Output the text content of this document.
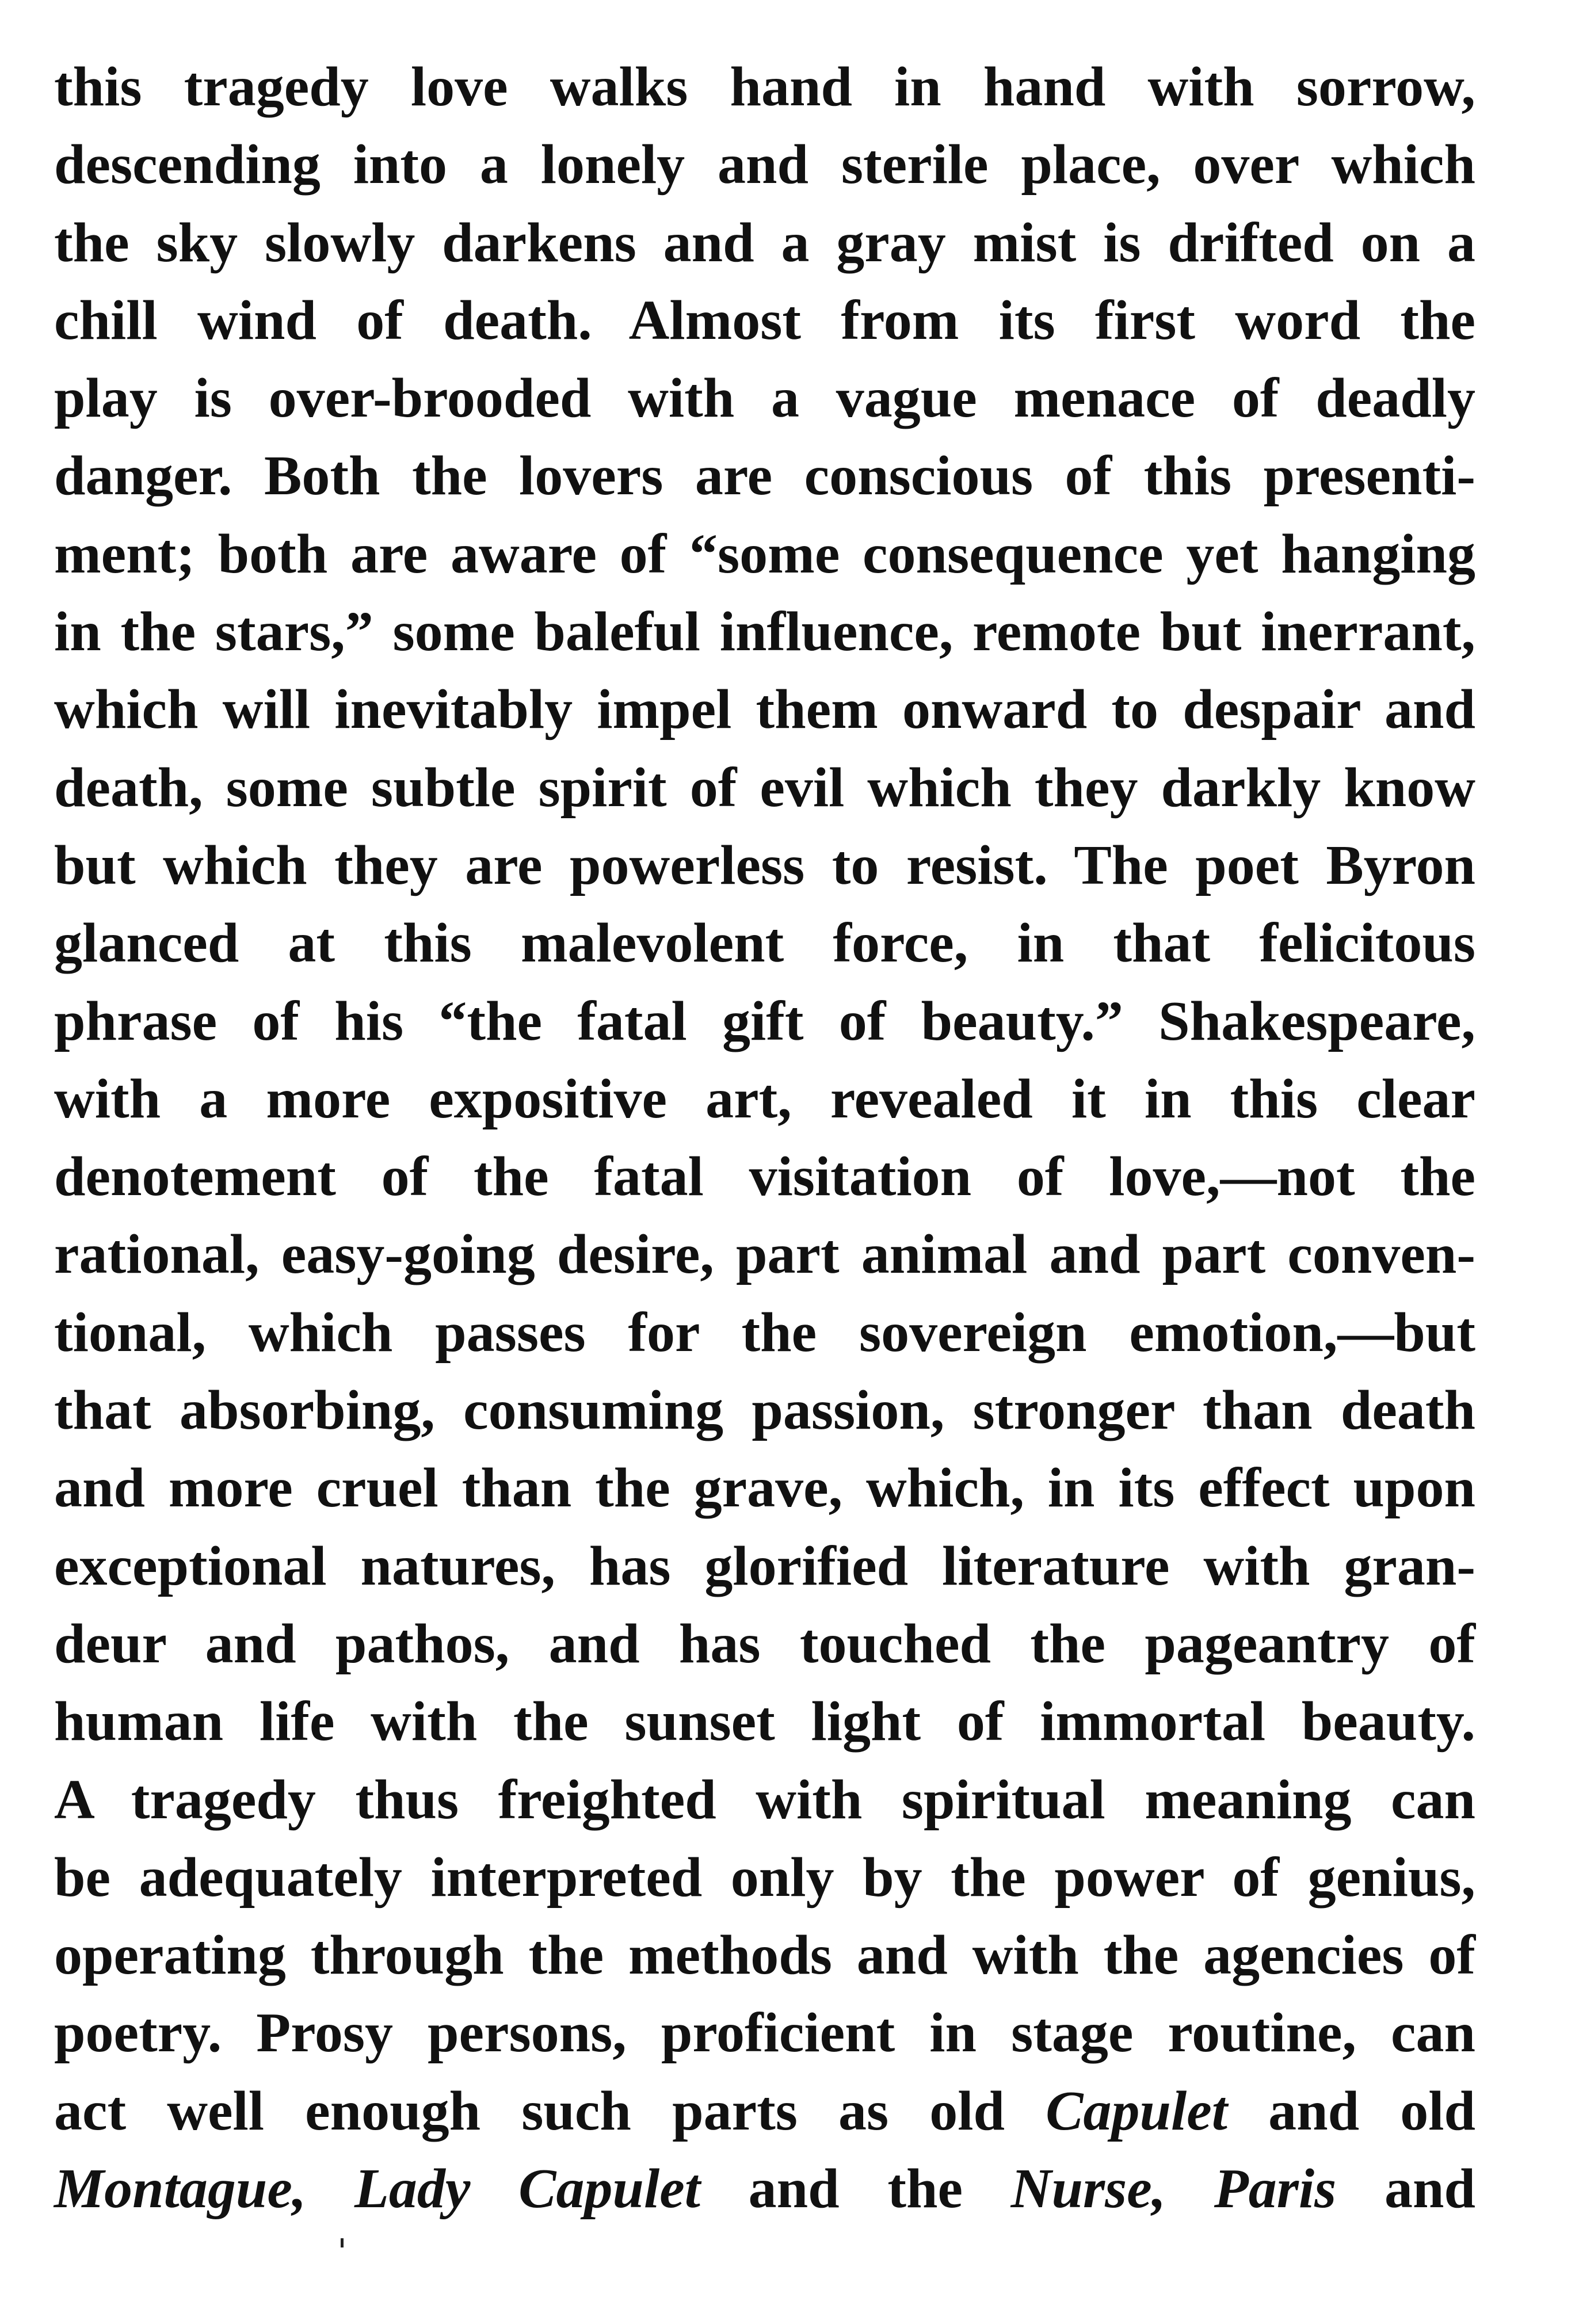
this tragedy love walks hand in hand with sorrow,
descending into a lonely and sterile place, over which
the sky slowly darkens and a gray mist is drifted on a
chill wind of death. Almost from its first word the
play is over-brooded with a vague menace of deadly
danger. Both the lovers are conscious of this presenti-
ment; both are aware of “some consequence yet hanging
in the stars,” some baleful influence, remote but inerrant,
which will inevitably impel them onward to despair and
death, some subtle spirit of evil which they darkly know
but which they are powerless to resist. The poet Byron
glanced at this malevolent force, in that felicitous
phrase of his “the fatal gift of beauty.” Shakespeare,
with a more expositive art, revealed it in this clear
denotement of the fatal visitation of love,—not the
rational, easy-going desire, part animal and part conven-
tional, which passes for the sovereign emotion,—but
that absorbing, consuming passion, stronger than death
and more cruel than the grave, which, in its effect upon
exceptional natures, has glorified literature with gran-
deur and pathos, and has touched the pageantry of
human life with the sunset light of immortal beauty.
A tragedy thus freighted with spiritual meaning can
be adequately interpreted only by the power of genius,
operating through the methods and with the agencies of
poetry. Prosy persons, proficient in stage routine, can
act well enough such parts as old Capulet and old
Montague, Lady Capulet and the Nurse, Paris and
